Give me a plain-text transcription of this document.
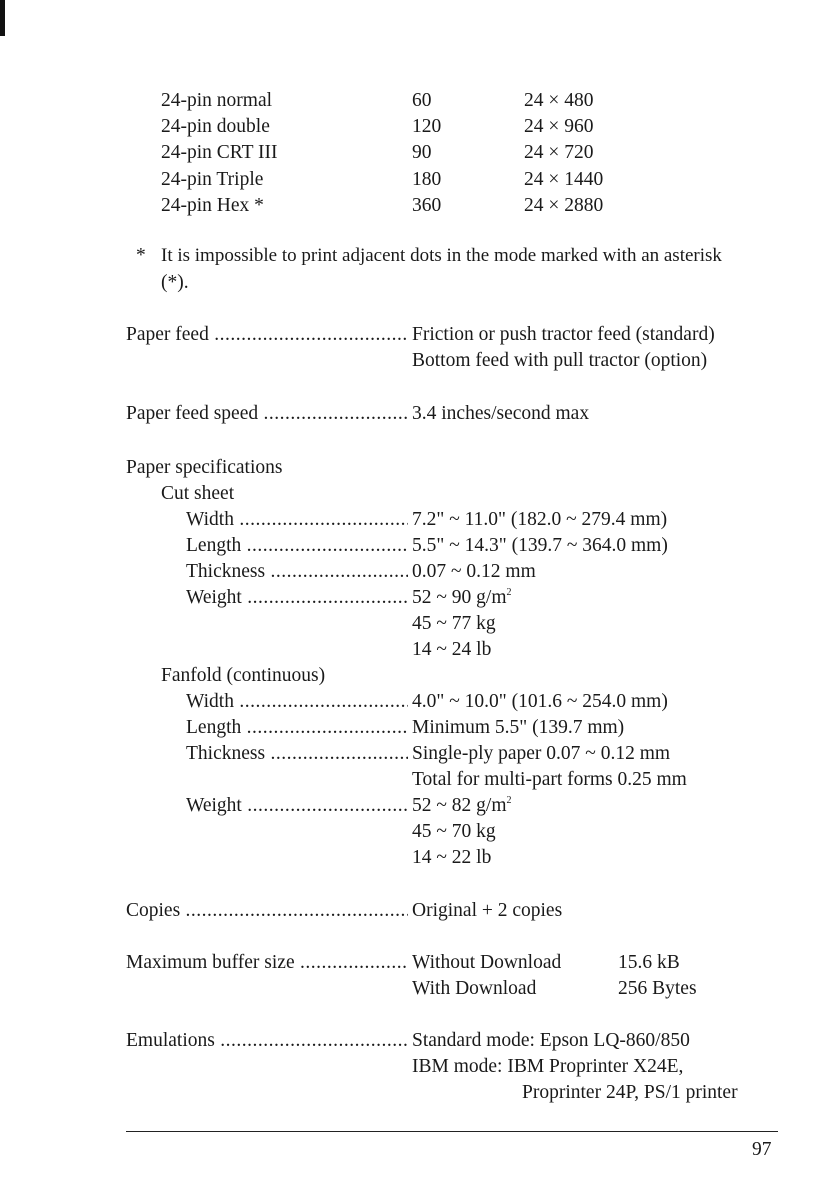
24-pin normal	60	24 × 480
24-pin double	120	24 × 960
24-pin CRT III	90	24 × 720
24-pin Triple	180	24 × 1440
24-pin Hex *	360	24 × 2880
* It is impossible to print adjacent dots in the mode marked with an asterisk
(*).
Paper feed .....	Friction or push tractor feed (standard)
Bottom feed with pull tractor (option)
Paper feed speed .....	3.4 inches/second max
Paper specifications
Cut sheet
Width .....	7.2" ~ 11.0" (182.0 ~ 279.4 mm)
Length .....	5.5" ~ 14.3" (139.7 ~ 364.0 mm)
Thickness .....	0.07 ~ 0.12 mm
Weight .....	52 ~ 90 $g/m^2$
45 ~ 77 kg
14 ~ 24 lb
Fanfold (continuous)
Width .....	4.0" ~ 10.0" (101.6 ~ 254.0 mm)
Length .....	Minimum 5.5" (139.7 mm)
Thickness .....	Single-ply paper 0.07 ~ 0.12 mm
Total for multi-part forms 0.25 mm
Weight .....	52 ~ 82 $g/m^2$
45 ~ 70 kg
14 ~ 22 lb
Copies .....	Original + 2 copies
Maximum buffer size .....	Without Download	15.6 kB
With Download	256 Bytes
Emulations .....	Standard mode: Epson LQ-860/850
IBM mode: IBM Proprinter X24E,
Proprinter 24P, PS/1 printer
97
